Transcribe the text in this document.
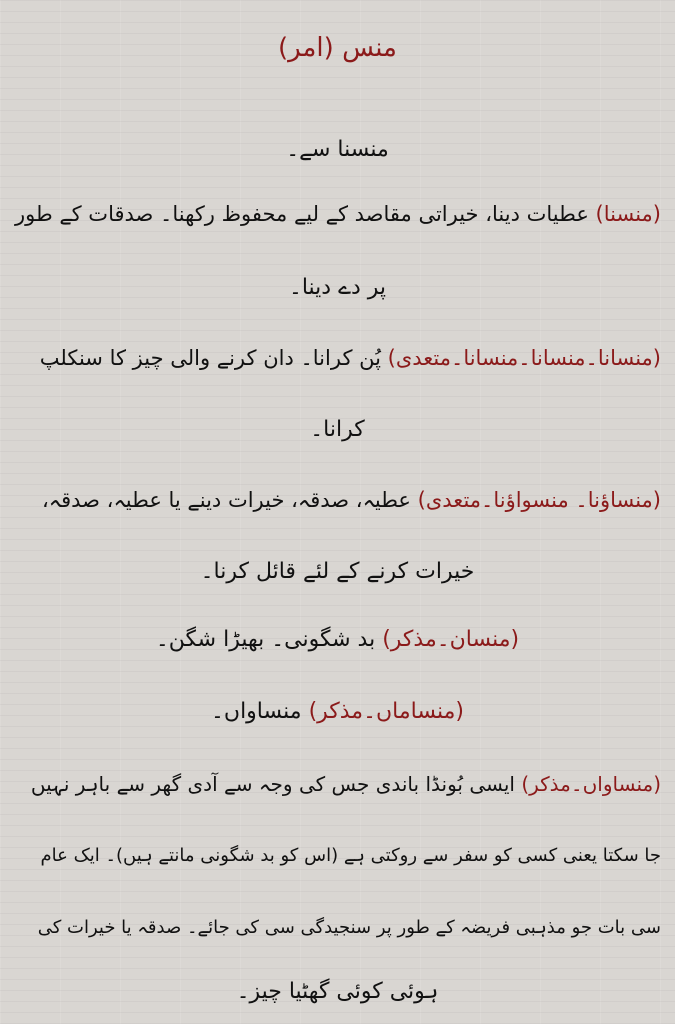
منس (امر)
منسنا سے۔
(منسنا) عطیات دینا، خیراتی مقاصد کے لیے محفوظ رکھنا۔ صدقات کے طور
پر دے دینا۔
(منسانا۔منسانا۔منسانا۔متعدی) پُن کرانا۔ دان کرنے والی چیز کا سنکلپ
کرانا۔
(منساؤنا۔ منسواؤنا۔متعدی) عطیہ، صدقہ، خیرات دینے یا عطیہ، صدقہ،
خیرات کرنے کے لئے قائل کرنا۔
(منسان۔مذکر) بد شگونی۔ بھیڑا شگن۔
(منساماں۔مذکر) منساواں۔
(منساواں۔مذکر) ایسی بُونڈا باندی جس کی وجہ سے آدی گھر سے باہر نہیں
جا سکتا یعنی کسی کو سفر سے روکتی ہے (اس کو بد شگونی مانتے ہیں)۔ ایک عام
سی بات جو مذہبی فریضہ کے طور پر سنجیدگی سی کی جائے۔ صدقہ یا خیرات کی
ہوئی کوئی گھٹیا چیز۔
